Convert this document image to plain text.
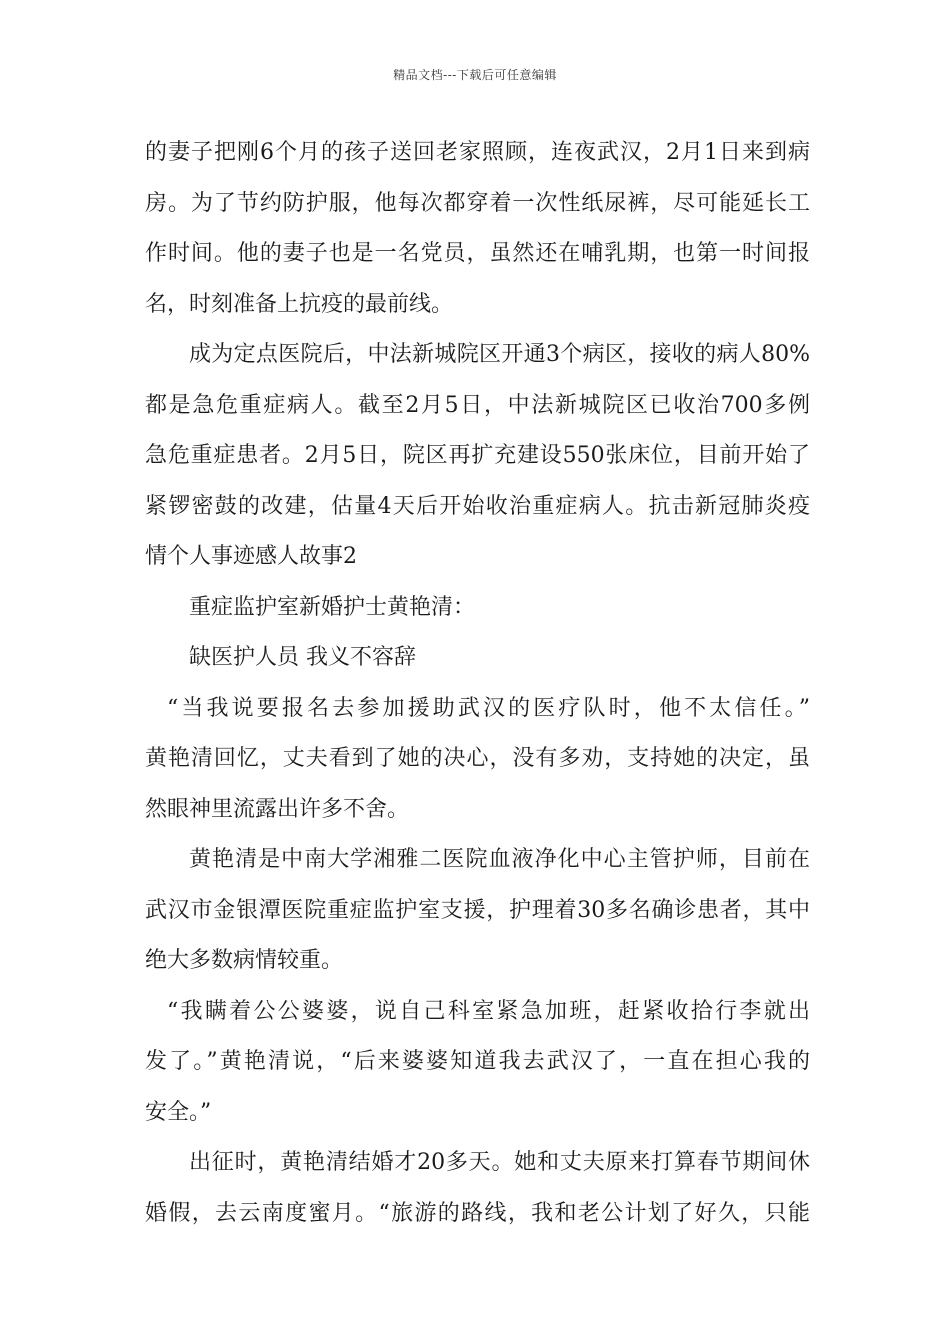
精品文档---下载后可任意编辑
的妻子把刚6个月的孩子送回老家照顾，连夜武汉，2月1日来到病
房。为了节约防护服，他每次都穿着一次性纸尿裤，尽可能延长工
作时间。他的妻子也是一名党员，虽然还在哺乳期，也第一时间报
名，时刻准备上抗疫的最前线。
成为定点医院后，中法新城院区开通3个病区，接收的病人80%
都是急危重症病人。截至2月5日，中法新城院区已收治700多例
急危重症患者。2月5日，院区再扩充建设550张床位，目前开始了
紧锣密鼓的改建，估量4天后开始收治重症病人。抗击新冠肺炎疫
情个人事迹感人故事2
重症监护室新婚护士黄艳清：
缺医护人员 我义不容辞
“当我说要报名去参加援助武汉的医疗队时，他不太信任。”
黄艳清回忆，丈夫看到了她的决心，没有多劝，支持她的决定，虽
然眼神里流露出许多不舍。
黄艳清是中南大学湘雅二医院血液净化中心主管护师，目前在
武汉市金银潭医院重症监护室支援，护理着30多名确诊患者，其中
绝大多数病情较重。
“我瞒着公公婆婆，说自己科室紧急加班，赶紧收拾行李就出
发了。”黄艳清说，“后来婆婆知道我去武汉了，一直在担心我的
安全。”
出征时，黄艳清结婚才20多天。她和丈夫原来打算春节期间休
婚假，去云南度蜜月。“旅游的路线，我和老公计划了好久，只能
